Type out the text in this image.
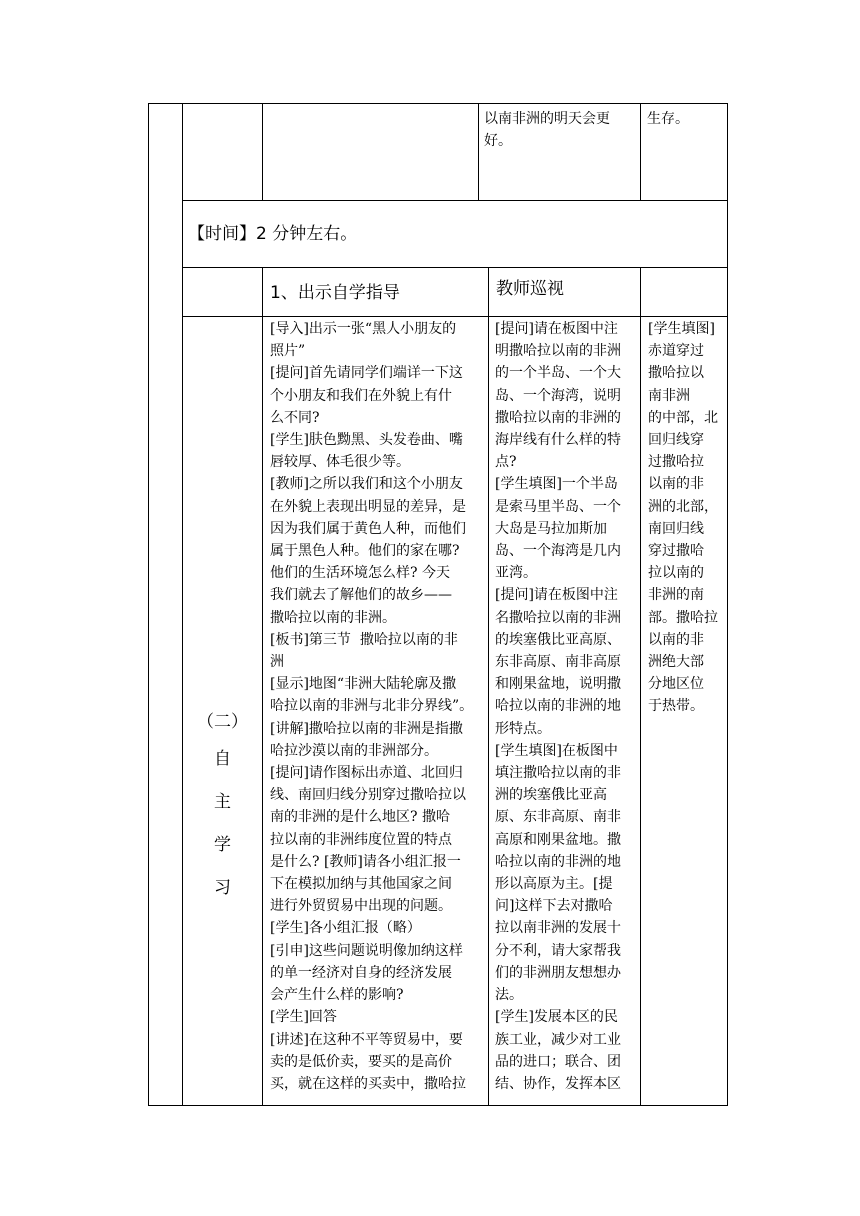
以南非洲的明天会更好。

生存。

【时间】2 分钟左右。

1、出示自学指导	教师巡视

（二）
自
主
学
习

[导入]出示一张“黑人小朋友的

照片”

[提问]首先请同学们端详一下这

个小朋友和我们在外貌上有什

么不同?

[学生]肤色黝黑、头发卷曲、嘴

唇较厚、体毛很少等。

[教师]之所以我们和这个小朋友

在外貌上表现出明显的差异，是

因为我们属于黄色人种，而他们

属于黑色人种。他们的家在哪?

他们的生活环境怎么样? 今天

我们就去了解他们的故乡——

撒哈拉以南的非洲。

[板书]第三节  撒哈拉以南的非

洲

[显示]地图“非洲大陆轮廓及撒

哈拉以南的非洲与北非分界线”。

[讲解]撒哈拉以南的非洲是指撒

哈拉沙漠以南的非洲部分。

[提问]请作图标出赤道、北回归

线、南回归线分别穿过撒哈拉以

南的非洲的是什么地区? 撒哈

拉以南的非洲纬度位置的特点

是什么? [教师]请各小组汇报一

下在模拟加纳与其他国家之间

进行外贸贸易中出现的问题。

[学生]各小组汇报（略）

[引申]这些问题说明像加纳这样

的单一经济对自身的经济发展

会产生什么样的影响?

[学生]回答

[讲述]在这种不平等贸易中，要

卖的是低价卖，要买的是高价

买，就在这样的买卖中，撒哈拉

[提问]请在板图中注

明撒哈拉以南的非洲

的一个半岛、一个大

岛、一个海湾，说明

撒哈拉以南的非洲的

海岸线有什么样的特

点?

[学生填图]一个半岛

是索马里半岛、一个

大岛是马拉加斯加

岛、一个海湾是几内

亚湾。

[提问]请在板图中注

名撒哈拉以南的非洲

的埃塞俄比亚高原、

东非高原、南非高原

和刚果盆地，说明撒

哈拉以南的非洲的地

形特点。

[学生填图]在板图中

填注撒哈拉以南的非

洲的埃塞俄比亚高

原、东非高原、南非

高原和刚果盆地。撒

哈拉以南的非洲的地

形以高原为主。[提

问]这样下去对撒哈

拉以南非洲的发展十

分不利，请大家帮我

们的非洲朋友想想办

法。

[学生]发展本区的民

族工业，减少对工业

品的进口；联合、团

结、协作，发挥本区

[学生填图]

赤道穿过

撒哈拉以

南非洲

的中部，北

回归线穿

过撒哈拉

以南的非

洲的北部，

南回归线

穿过撒哈

拉以南的

非洲的南

部。撒哈拉

以南的非

洲绝大部

分地区位

于热带。
